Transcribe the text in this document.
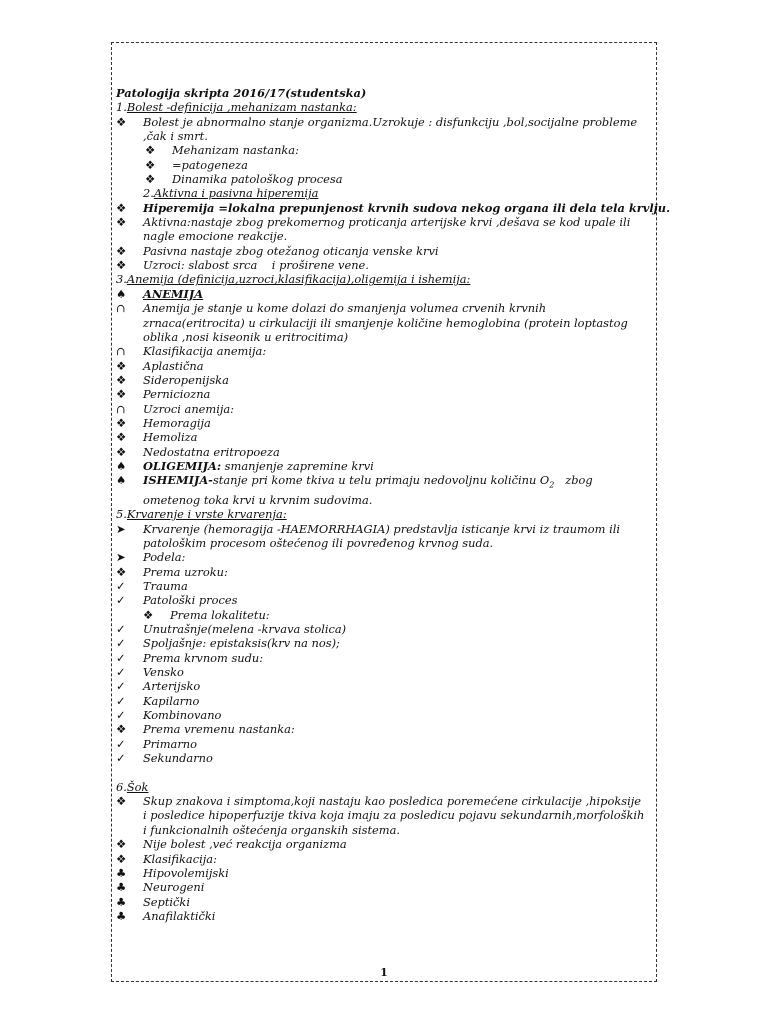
Patologija skripta 2016/17(studentska)
1.Bolest -definicija ,mehanizam nastanka:
❖	Bolest je abnormalno stanje organizma.Uzrokuje : disfunkciju ,bol,socijalne probleme ,čak i smrt.
❖	Mehanizam nastanka:
❖	=patogeneza
❖	Dinamika patološkog procesa
2.Aktivna i pasivna hiperemija
❖	Hiperemija =lokalna prepunjenost krvnih sudova nekog organa ili dela tela krvlju.
❖	Aktivna:nastaje zbog prekomernog proticanja arterijske krvi ,dešava se kod upale ili nagle emocione reakcije.
❖	Pasivna nastaje zbog otežanog oticanja venske krvi
❖	Uzroci: slabost srca    i proširene vene.
3.Anemija (definicija,uzroci,klasifikacija),oligemija i ishemija:
♠	ANEMIJA
∩	Anemija je stanje u kome dolazi do smanjenja volumea crvenih krvnih zrnaca(eritrocita) u cirkulaciji ili smanjenje količine hemoglobina (protein loptastog oblika ,nosi kiseonik u eritrocitima)
∩	Klasifikacija anemija:
❖	Aplastična
❖	Sideropenijska
❖	Perniciozna
∩	Uzroci anemija:
❖	Hemoragija
❖	Hemoliza
❖	Nedostatna eritropoeza
♠	OLIGEMIJA: smanjenje zapremine krvi
♠	ISHEMIJA-stanje pri kome tkiva u telu primaju nedovoljnu količinu $O_2$   zbog ometenog toka krvi u krvnim sudovima.
5.Krvarenje i vrste krvarenja:
➤	Krvarenje (hemoragija -HAEMORRHAGIA) predstavlja isticanje krvi iz traumom ili patološkim procesom oštećenog ili povređenog krvnog suda.
➤	Podela:
❖	Prema uzroku:
✓	Trauma
✓	Patološki proces
❖	Prema lokalitetu:
✓	Unutrašnje(melena -krvava stolica)
✓	Spoljašnje: epistaksis(krv na nos);
✓	Prema krvnom sudu:
✓	Vensko
✓	Arterijsko
✓	Kapilarno
✓	Kombinovano
❖	Prema vremenu nastanka:
✓	Primarno
✓	Sekundarno
6.Šok
❖	Skup znakova i simptoma,koji nastaju kao posledica poremećene cirkulacije ,hipoksije i posledice hipoperfuzije tkiva koja imaju za posledicu pojavu sekundarnih,morfoloških i funkcionalnih oštećenja organskih sistema.
❖	Nije bolest ,već reakcija organizma
❖	Klasifikacija:
♣	Hipovolemijski
♣	Neurogeni
♣	Septički
♣	Anafilaktički
1
